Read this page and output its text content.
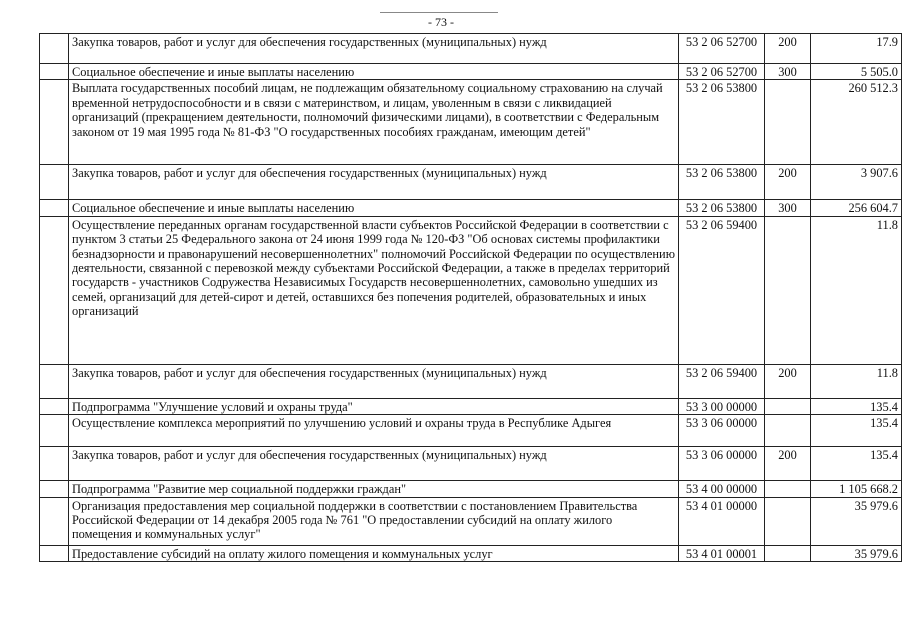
- 73 -
	Закупка товаров, работ и услуг для обеспечения государственных (муниципальных) нужд	53 2 06 52700	200	17.9
	Социальное обеспечение и иные выплаты населению	53 2 06 52700	300	5 505.0
	Выплата государственных пособий лицам, не подлежащим обязательному социальному страхованию на случай временной нетрудоспособности и в связи с материнством, и лицам, уволенным в связи с ликвидацией организаций (прекращением деятельности, полномочий физическими лицами), в соответствии с Федеральным законом от 19 мая 1995 года № 81-ФЗ "О государственных пособиях гражданам, имеющим детей"	53 2 06 53800		260 512.3
	Закупка товаров, работ и услуг для обеспечения государственных (муниципальных) нужд	53 2 06 53800	200	3 907.6
	Социальное обеспечение и иные выплаты населению	53 2 06 53800	300	256 604.7
	Осуществление переданных органам государственной власти субъектов Российской Федерации в соответствии с пунктом 3 статьи 25 Федерального закона от 24 июня 1999 года № 120-ФЗ "Об основах системы профилактики безнадзорности и правонарушений несовершеннолетних" полномочий Российской Федерации по осуществлению деятельности, связанной с перевозкой между субъектами Российской Федерации, а также в пределах территорий государств - участников Содружества Независимых Государств несовершеннолетних, самовольно ушедших из семей, организаций для детей-сирот и детей, оставшихся без попечения родителей, образовательных и иных организаций	53 2 06 59400		11.8
	Закупка товаров, работ и услуг для обеспечения государственных (муниципальных) нужд	53 2 06 59400	200	11.8
	Подпрограмма "Улучшение условий и охраны труда"	53 3 00 00000		135.4
	Осуществление комплекса мероприятий по улучшению условий и охраны труда в Республике Адыгея	53 3 06 00000		135.4
	Закупка товаров, работ и услуг для обеспечения государственных (муниципальных) нужд	53 3 06 00000	200	135.4
	Подпрограмма "Развитие мер социальной поддержки граждан"	53 4 00 00000		1 105 668.2
	Организация предоставления мер социальной поддержки в соответствии с постановлением Правительства Российской Федерации от 14 декабря 2005 года № 761 "О предоставлении субсидий на оплату жилого помещения и коммунальных услуг"	53 4 01 00000		35 979.6
	Предоставление субсидий на оплату жилого помещения и коммунальных услуг	53 4 01 00001		35 979.6
